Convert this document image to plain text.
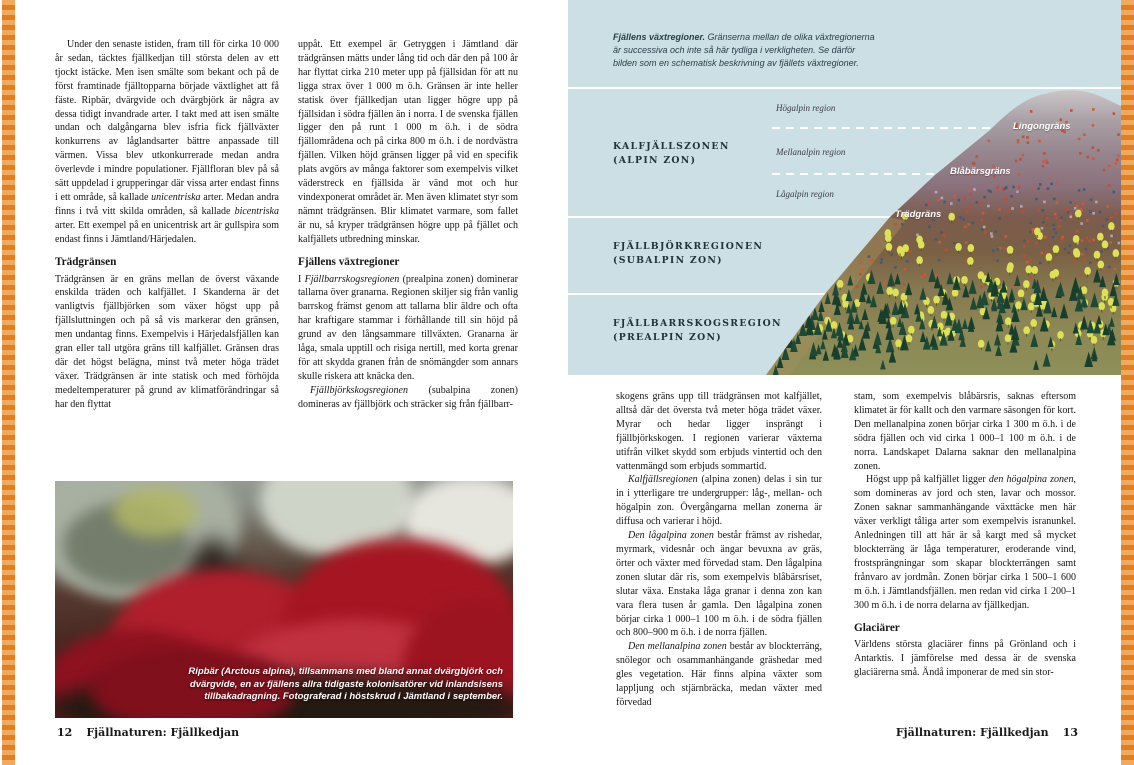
Under den senaste istiden, fram till för cirka 10 000 år sedan, täcktes fjällkedjan till största delen av ett tjockt istäcke. Men isen smälte som bekant och på de först framtinade fjälltopparna började växtlighet att få fäste. Ripbär, dvärgvide och dvärgbjörk är några av dessa tidigt invandrade arter. I takt med att isen smälte undan och dalgångarna blev isfria fick fjällväxter konkurrens av låglandsarter bättre anpassade till värmen. Vissa blev utkonkurrerade medan andra överlevde i mindre populationer. Fjällfloran blev på så sätt uppdelad i grupperingar där vissa arter endast finns i ett område, så kallade unicentriska arter. Medan andra finns i två vitt skilda områden, så kallade bicentriska arter. Ett exempel på en unicentrisk art är gullspira som endast finns i Jämtland/Härjedalen.

Trädgränsen

Trädgränsen är en gräns mellan de överst växande enskilda träden och kalfjället. I Skanderna är det vanligtvis fjällbjörken som växer högst upp på fjällsluttningen och på så vis markerar den gränsen, men undantag finns. Exempelvis i Härjedalsfjällen kan gran eller tall utgöra gräns till kalfjället. Gränsen dras där det högst belägna, minst två meter höga trädet växer. Trädgränsen är inte statisk och med förhöjda medeltemperaturer på grund av klimatförändringar så har den flyttat

uppåt. Ett exempel är Getryggen i Jämtland där trädgränsen mätts under lång tid och där den på 100 år har flyttat cirka 210 meter upp på fjällsidan för att nu ligga strax över 1 000 m ö.h. Gränsen är inte heller statisk över fjällkedjan utan ligger högre upp på fjällsidan i södra fjällen än i norra. I de svenska fjällen ligger den på runt 1 000 m ö.h. i de södra fjällområdena och på cirka 800 m ö.h. i de nordvästra fjällen. Vilken höjd gränsen ligger på vid en specifik plats avgörs av många faktorer som exempelvis vilket väderstreck en fjällsida är vänd mot och hur vindexponerat området är. Men även klimatet styr som nämnt trädgränsen. Blir klimatet varmare, som fallet är nu, så kryper trädgränsen högre upp på fjället och kalfjällets utbredning minskar.

Fjällens växtregioner

I Fjällbarrskogsregionen (prealpina zonen) dominerar tallarna över granarna. Regionen skiljer sig från vanlig barrskog främst genom att tallarna blir äldre och ofta har kraftigare stammar i förhållande till sin höjd på grund av den långsammare tillväxten. Granarna är låga, smala upptill och risiga nertill, med korta grenar för att skydda granen från de snömängder som annars skulle riskera att knäcka den.

Fjällbjörkskogsregionen (subalpina zonen) domineras av fjällbjörk och sträcker sig från fjällbarr-

Ripbär (Arctous alpina), tillsammans med bland annat dvärgbjörk och dvärgvide, en av fjällens allra tidigaste kolonisatörer vid inlandsisens tillbakadragning. Fotograferad i höstskrud i Jämtland i september.
12 Fjällnaturen: Fjällkedjan	Fjällnaturen: Fjällkedjan 13
Fjällens växtregioner. Gränserna mellan de olika växtregionerna är successiva och inte så här tydliga i verkligheten. Se därför bilden som en schematisk beskrivning av fjällets växtregioner.
KALFJÄLLSZONEN
(ALPIN ZON)
FJÄLLBJÖRKREGIONEN
(SUBALPIN ZON)
FJÄLLBARRSKOGSREGION
(PREALPIN ZON)
Högalpin region
Mellanalpin region
Lågalpin region
Lingongräns
Blåbärsgräns
Trädgräns

skogens gräns upp till trädgränsen mot kalfjället, alltså där det översta två meter höga trädet växer. Myrar och hedar ligger insprängt i fjällbjörkskogen. I regionen varierar växterna utifrån vilket skydd som erbjuds vintertid och den vattenmängd som erbjuds sommartid.

Kalfjällsregionen (alpina zonen) delas i sin tur in i ytterligare tre undergrupper: låg-, mellan- och högalpin zon. Övergångarna mellan zonerna är diffusa och varierar i höjd.

Den lågalpina zonen består främst av rishedar, myrmark, videsnår och ängar bevuxna av gräs, örter och växter med förvedad stam. Den lågalpina zonen slutar där ris, som exempelvis blåbärsriset, slutar växa. Enstaka låga granar i denna zon kan vara flera tusen år gamla. Den lågalpina zonen börjar cirka 1 000–1 100 m ö.h. i de södra fjällen och 800–900 m ö.h. i de norra fjällen.

Den mellanalpina zonen består av blockterräng, snölegor och osammanhängande gräshedar med gles vegetation. Här finns alpina växter som lappljung och stjärnbräcka, medan växter med förvedad

stam, som exempelvis blåbärsris, saknas eftersom klimatet är för kallt och den varmare säsongen för kort. Den mellanalpina zonen börjar cirka 1 300 m ö.h. i de södra fjällen och vid cirka 1 000–1 100 m ö.h. i de norra. Landskapet Dalarna saknar den mellanalpina zonen.

Högst upp på kalfjället ligger den högalpina zonen, som domineras av jord och sten, lavar och mossor. Zonen saknar sammanhängande växttäcke men här växer verkligt tåliga arter som exempelvis isranunkel. Anledningen till att här är så kargt med så mycket blockterräng är låga temperaturer, eroderande vind, frostsprängningar som skapar blockterrängen samt frånvaro av jordmån. Zonen börjar cirka 1 500–1 600 m ö.h. i Jämtlandsfjällen. men redan vid cirka 1 200–1 300 m ö.h. i de norra delarna av fjällkedjan.

Glaciärer

Världens största glaciärer finns på Grönland och i Antarktis. I jämförelse med dessa är de svenska glaciärerna små. Ändå imponerar de med sin stor-
